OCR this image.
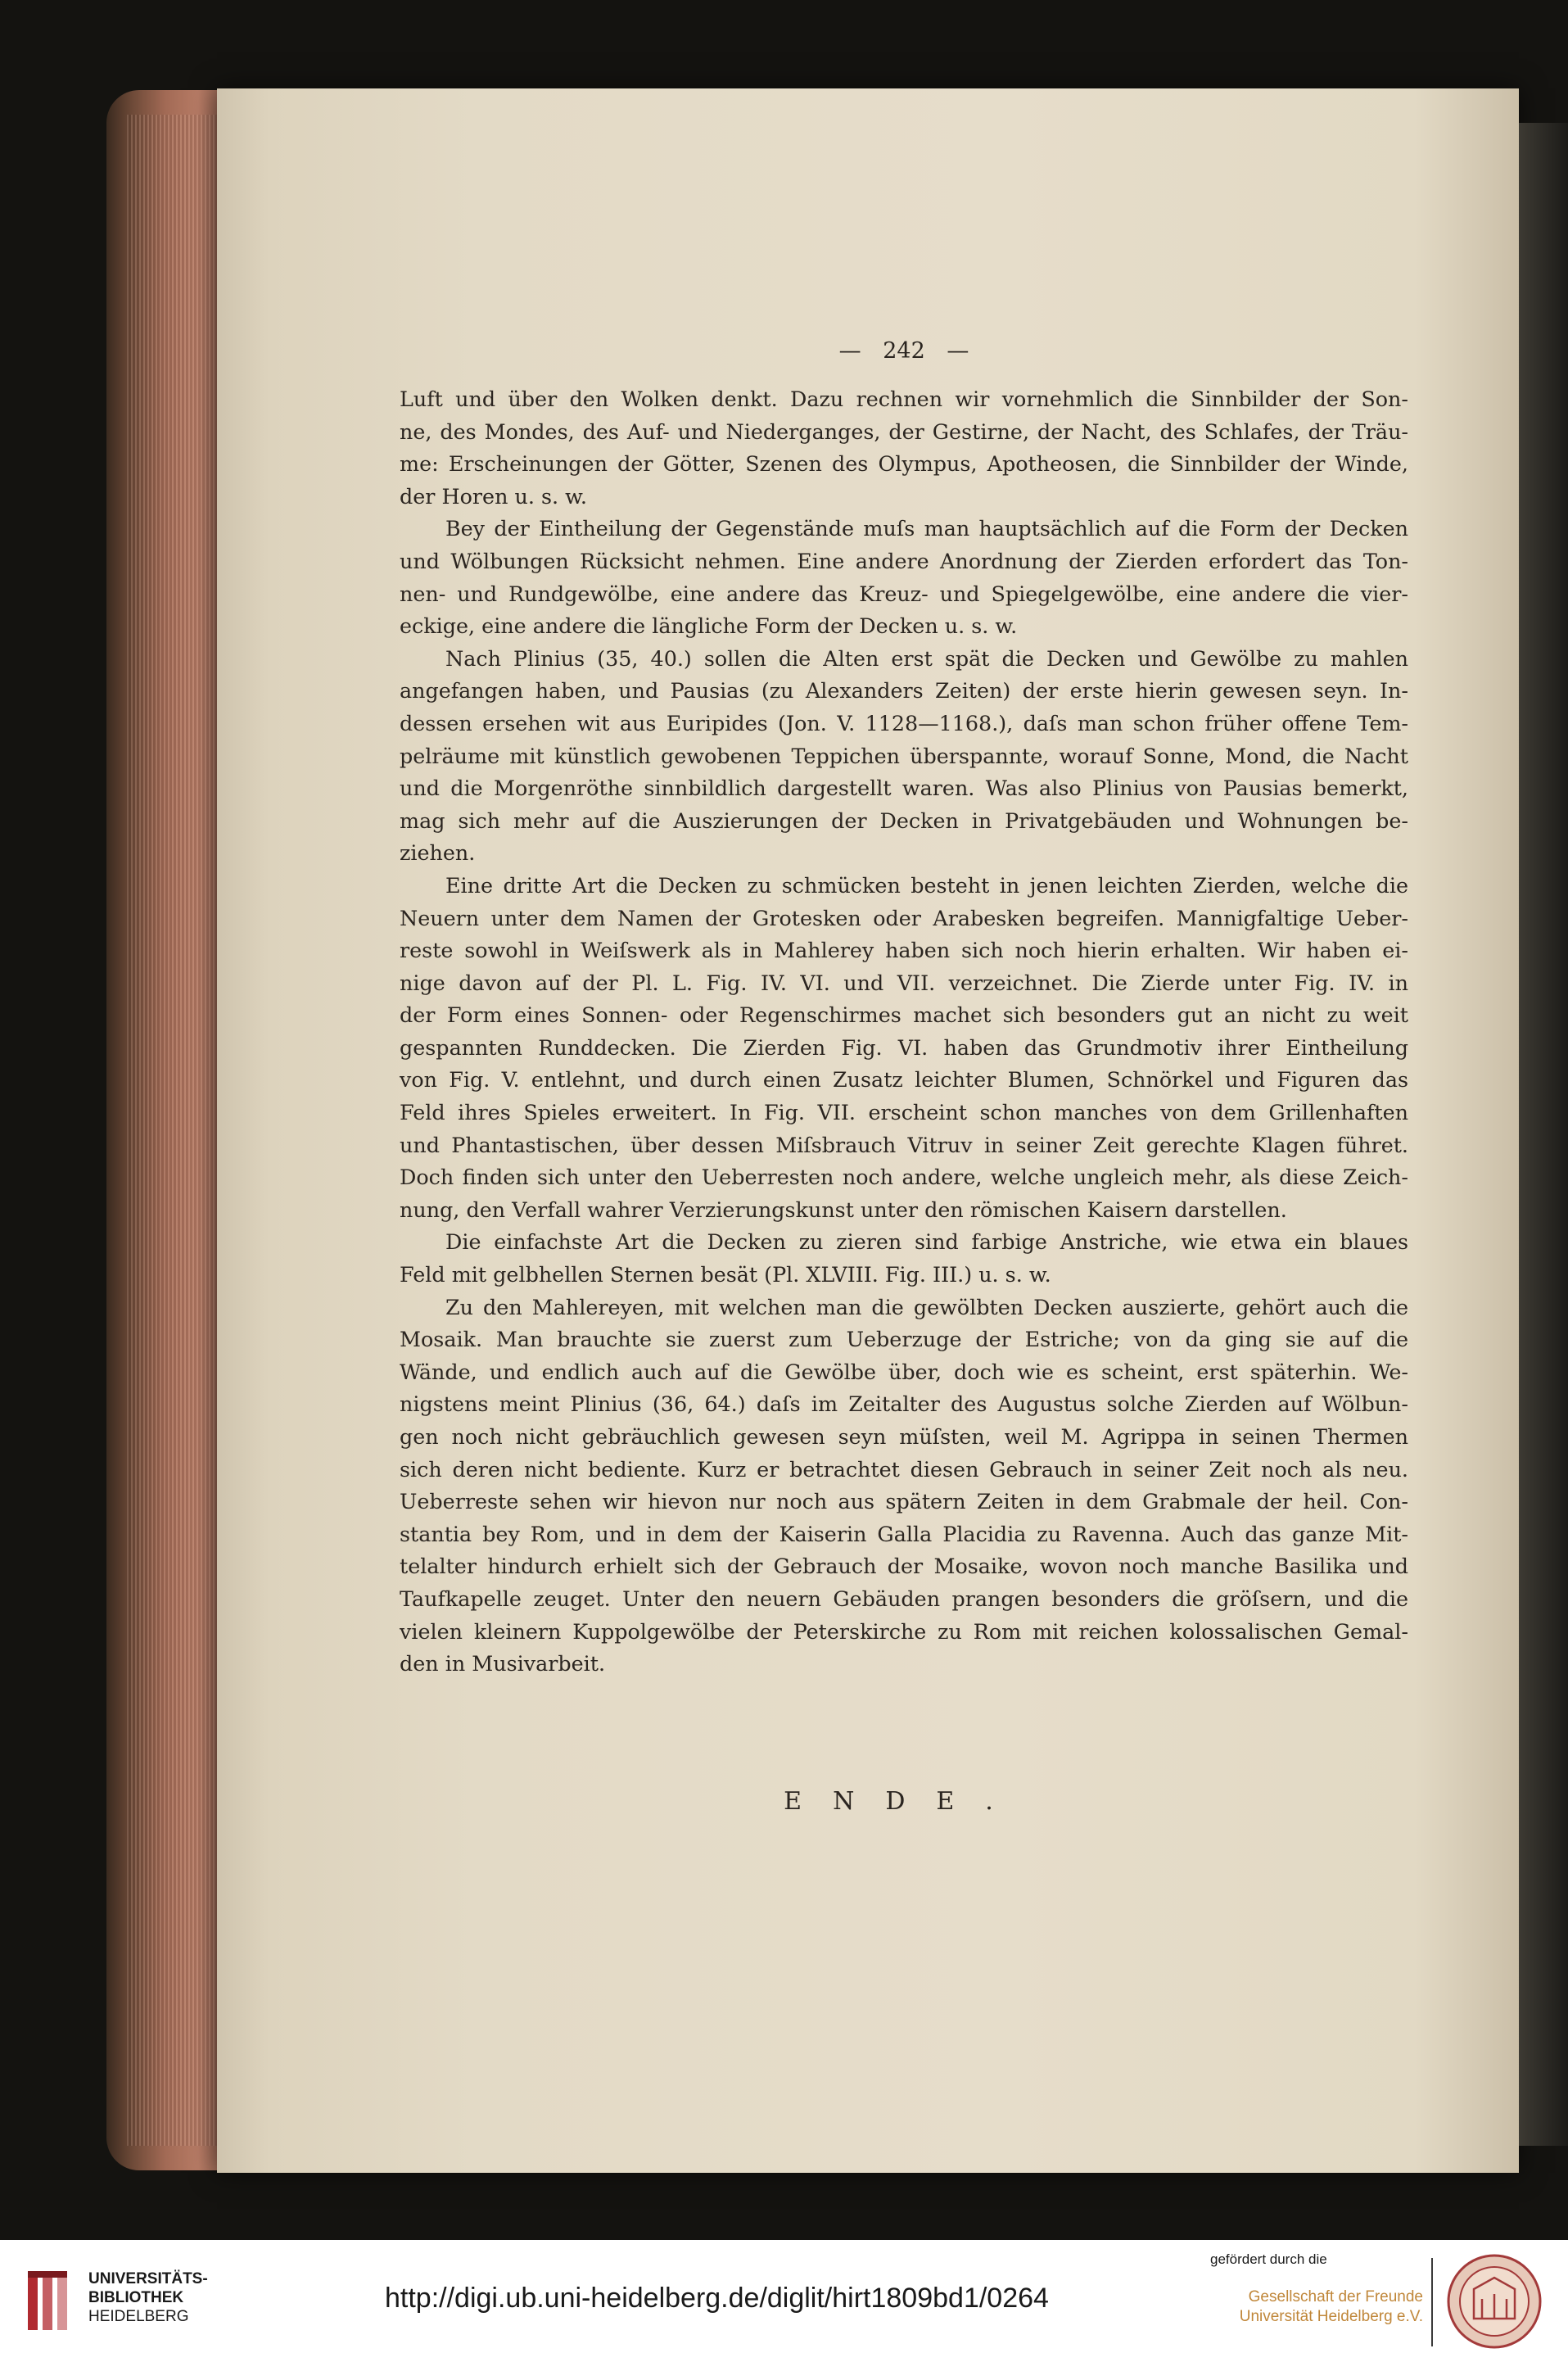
— 242 —
Luft und über den Wolken denkt. Dazu rechnen wir vornehmlich die Sinnbilder der Son-
ne, des Mondes, des Auf- und Niederganges, der Gestirne, der Nacht, des Schlafes, der Träu-
me: Erscheinungen der Götter, Szenen des Olympus, Apotheosen, die Sinnbilder der Winde,
der Horen u. s. w.
Bey der Eintheilung der Gegenstände muſs man hauptsächlich auf die Form der Decken
und Wölbungen Rücksicht nehmen. Eine andere Anordnung der Zierden erfordert das Ton-
nen- und Rundgewölbe, eine andere das Kreuz- und Spiegelgewölbe, eine andere die vier-
eckige, eine andere die längliche Form der Decken u. s. w.
Nach Plinius (35, 40.) sollen die Alten erst spät die Decken und Gewölbe zu mahlen
angefangen haben, und Pausias (zu Alexanders Zeiten) der erste hierin gewesen seyn. In-
dessen ersehen wit aus Euripides (Jon. V. 1128—1168.), daſs man schon früher offene Tem-
pelräume mit künstlich gewobenen Teppichen überspannte, worauf Sonne, Mond, die Nacht
und die Morgenröthe sinnbildlich dargestellt waren. Was also Plinius von Pausias bemerkt,
mag sich mehr auf die Auszierungen der Decken in Privatgebäuden und Wohnungen be-
ziehen.
Eine dritte Art die Decken zu schmücken besteht in jenen leichten Zierden, welche die
Neuern unter dem Namen der Grotesken oder Arabesken begreifen. Mannigfaltige Ueber-
reste sowohl in Weiſswerk als in Mahlerey haben sich noch hierin erhalten. Wir haben ei-
nige davon auf der Pl. L. Fig. IV. VI. und VII. verzeichnet. Die Zierde unter Fig. IV. in
der Form eines Sonnen- oder Regenschirmes machet sich besonders gut an nicht zu weit
gespannten Runddecken. Die Zierden Fig. VI. haben das Grundmotiv ihrer Eintheilung
von Fig. V. entlehnt, und durch einen Zusatz leichter Blumen, Schnörkel und Figuren das
Feld ihres Spieles erweitert. In Fig. VII. erscheint schon manches von dem Grillenhaften
und Phantastischen, über dessen Miſsbrauch Vitruv in seiner Zeit gerechte Klagen führet.
Doch finden sich unter den Ueberresten noch andere, welche ungleich mehr, als diese Zeich-
nung, den Verfall wahrer Verzierungskunst unter den römischen Kaisern darstellen.
Die einfachste Art die Decken zu zieren sind farbige Anstriche, wie etwa ein blaues
Feld mit gelbhellen Sternen besät (Pl. XLVIII. Fig. III.) u. s. w.
Zu den Mahlereyen, mit welchen man die gewölbten Decken auszierte, gehört auch die
Mosaik. Man brauchte sie zuerst zum Ueberzuge der Estriche; von da ging sie auf die
Wände, und endlich auch auf die Gewölbe über, doch wie es scheint, erst späterhin. We-
nigstens meint Plinius (36, 64.) daſs im Zeitalter des Augustus solche Zierden auf Wölbun-
gen noch nicht gebräuchlich gewesen seyn müſsten, weil M. Agrippa in seinen Thermen
sich deren nicht bediente. Kurz er betrachtet diesen Gebrauch in seiner Zeit noch als neu.
Ueberreste sehen wir hievon nur noch aus spätern Zeiten in dem Grabmale der heil. Con-
stantia bey Rom, und in dem der Kaiserin Galla Placidia zu Ravenna. Auch das ganze Mit-
telalter hindurch erhielt sich der Gebrauch der Mosaike, wovon noch manche Basilika und
Taufkapelle zeuget. Unter den neuern Gebäuden prangen besonders die gröſsern, und die
vielen kleinern Kuppolgewölbe der Peterskirche zu Rom mit reichen kolossalischen Gemal-
den in Musivarbeit.
ENDE.
UNIVERSITÄTS-
BIBLIOTHEK
HEIDELBERG
http://digi.ub.uni-heidelberg.de/diglit/hirt1809bd1/0264
gefördert durch die
Gesellschaft der Freunde
Universität Heidelberg e.V.
